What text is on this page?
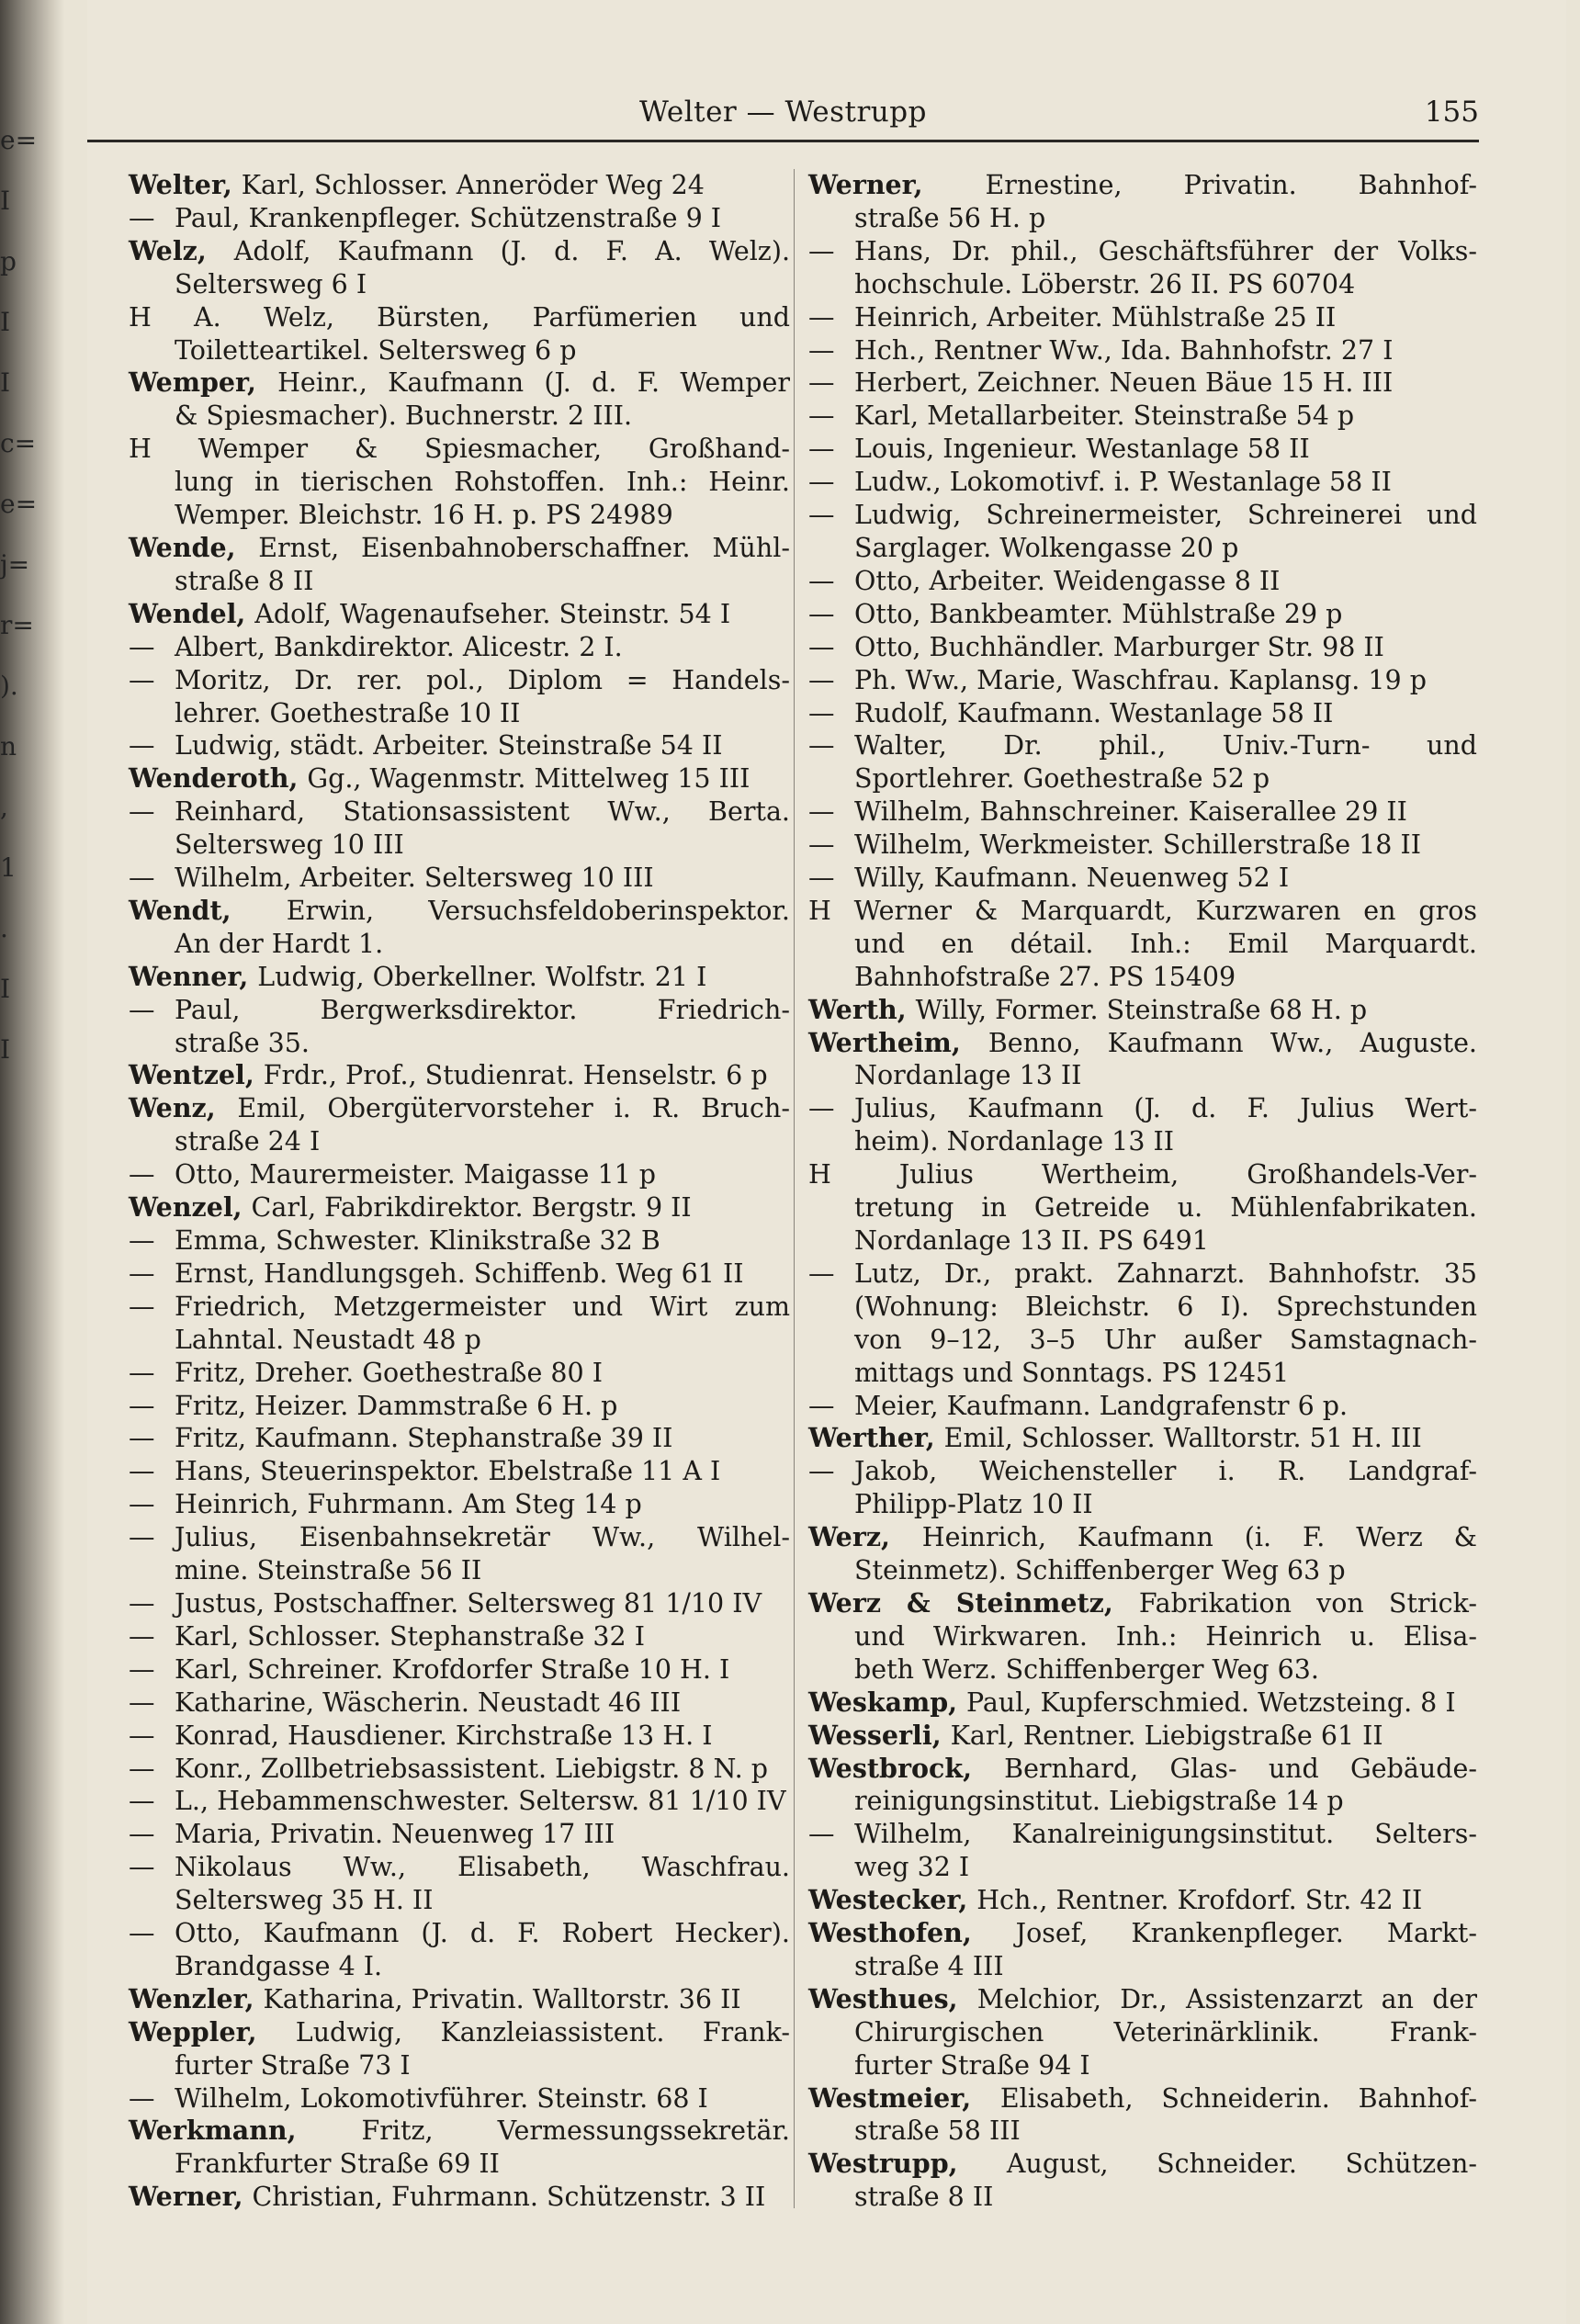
e=
I
p
I
I
c=
e=
j=
r=
).
n
,
1
.
I
I
Welter — Westrupp	155
Welter, Karl, Schlosser. Anneröder Weg 24
— Paul, Krankenpfleger. Schützenstraße 9 I
Welz, Adolf, Kaufmann (J. d. F. A. Welz).
Seltersweg 6 I
H A. Welz, Bürsten, Parfümerien und
Toiletteartikel. Seltersweg 6 p
Wemper, Heinr., Kaufmann (J. d. F. Wemper
& Spiesmacher). Buchnerstr. 2 III.
H Wemper & Spiesmacher, Großhand-
lung in tierischen Rohstoffen. Inh.: Heinr.
Wemper. Bleichstr. 16 H. p. PS 24989
Wende, Ernst, Eisenbahnoberschaffner. Mühl-
straße 8 II
Wendel, Adolf, Wagenaufseher. Steinstr. 54 I
— Albert, Bankdirektor. Alicestr. 2 I.
— Moritz, Dr. rer. pol., Diplom = Handels-
lehrer. Goethestraße 10 II
— Ludwig, städt. Arbeiter. Steinstraße 54 II
Wenderoth, Gg., Wagenmstr. Mittelweg 15 III
— Reinhard, Stationsassistent Ww., Berta.
Seltersweg 10 III
— Wilhelm, Arbeiter. Seltersweg 10 III
Wendt, Erwin, Versuchsfeldoberinspektor.
An der Hardt 1.
Wenner, Ludwig, Oberkellner. Wolfstr. 21 I
— Paul, Bergwerksdirektor. Friedrich-
straße 35.
Wentzel, Frdr., Prof., Studienrat. Henselstr. 6 p
Wenz, Emil, Obergütervorsteher i. R. Bruch-
straße 24 I
— Otto, Maurermeister. Maigasse 11 p
Wenzel, Carl, Fabrikdirektor. Bergstr. 9 II
— Emma, Schwester. Klinikstraße 32 B
— Ernst, Handlungsgeh. Schiffenb. Weg 61 II
— Friedrich, Metzgermeister und Wirt zum
Lahntal. Neustadt 48 p
— Fritz, Dreher. Goethestraße 80 I
— Fritz, Heizer. Dammstraße 6 H. p
— Fritz, Kaufmann. Stephanstraße 39 II
— Hans, Steuerinspektor. Ebelstraße 11 A I
— Heinrich, Fuhrmann. Am Steg 14 p
— Julius, Eisenbahnsekretär Ww., Wilhel-
mine. Steinstraße 56 II
— Justus, Postschaffner. Seltersweg 81 1/10 IV
— Karl, Schlosser. Stephanstraße 32 I
— Karl, Schreiner. Krofdorfer Straße 10 H. I
— Katharine, Wäscherin. Neustadt 46 III
— Konrad, Hausdiener. Kirchstraße 13 H. I
— Konr., Zollbetriebsassistent. Liebigstr. 8 N. p
— L., Hebammenschwester. Seltersw. 81 1/10 IV
— Maria, Privatin. Neuenweg 17 III
— Nikolaus Ww., Elisabeth, Waschfrau.
Seltersweg 35 H. II
— Otto, Kaufmann (J. d. F. Robert Hecker).
Brandgasse 4 I.
Wenzler, Katharina, Privatin. Walltorstr. 36 II
Weppler, Ludwig, Kanzleiassistent. Frank-
furter Straße 73 I
— Wilhelm, Lokomotivführer. Steinstr. 68 I
Werkmann, Fritz, Vermessungssekretär.
Frankfurter Straße 69 II
Werner, Christian, Fuhrmann. Schützenstr. 3 II
Werner, Ernestine, Privatin. Bahnhof-
straße 56 H. p
— Hans, Dr. phil., Geschäftsführer der Volks-
hochschule. Löberstr. 26 II. PS 60704
— Heinrich, Arbeiter. Mühlstraße 25 II
— Hch., Rentner Ww., Ida. Bahnhofstr. 27 I
— Herbert, Zeichner. Neuen Bäue 15 H. III
— Karl, Metallarbeiter. Steinstraße 54 p
— Louis, Ingenieur. Westanlage 58 II
— Ludw., Lokomotivf. i. P. Westanlage 58 II
— Ludwig, Schreinermeister, Schreinerei und
Sarglager. Wolkengasse 20 p
— Otto, Arbeiter. Weidengasse 8 II
— Otto, Bankbeamter. Mühlstraße 29 p
— Otto, Buchhändler. Marburger Str. 98 II
— Ph. Ww., Marie, Waschfrau. Kaplansg. 19 p
— Rudolf, Kaufmann. Westanlage 58 II
— Walter, Dr. phil., Univ.-Turn- und
Sportlehrer. Goethestraße 52 p
— Wilhelm, Bahnschreiner. Kaiserallee 29 II
— Wilhelm, Werkmeister. Schillerstraße 18 II
— Willy, Kaufmann. Neuenweg 52 I
H Werner & Marquardt, Kurzwaren en gros
und en détail. Inh.: Emil Marquardt.
Bahnhofstraße 27. PS 15409
Werth, Willy, Former. Steinstraße 68 H. p
Wertheim, Benno, Kaufmann Ww., Auguste.
Nordanlage 13 II
— Julius, Kaufmann (J. d. F. Julius Wert-
heim). Nordanlage 13 II
H Julius Wertheim, Großhandels-Ver-
tretung in Getreide u. Mühlenfabrikaten.
Nordanlage 13 II. PS 6491
— Lutz, Dr., prakt. Zahnarzt. Bahnhofstr. 35
(Wohnung: Bleichstr. 6 I). Sprechstunden
von 9–12, 3–5 Uhr außer Samstagnach-
mittags und Sonntags. PS 12451
— Meier, Kaufmann. Landgrafenstr 6 p.
Werther, Emil, Schlosser. Walltorstr. 51 H. III
— Jakob, Weichensteller i. R. Landgraf-
Philipp-Platz 10 II
Werz, Heinrich, Kaufmann (i. F. Werz &
Steinmetz). Schiffenberger Weg 63 p
Werz & Steinmetz, Fabrikation von Strick-
und Wirkwaren. Inh.: Heinrich u. Elisa-
beth Werz. Schiffenberger Weg 63.
Weskamp, Paul, Kupferschmied. Wetzsteing. 8 I
Wesserli, Karl, Rentner. Liebigstraße 61 II
Westbrock, Bernhard, Glas- und Gebäude-
reinigungsinstitut. Liebigstraße 14 p
— Wilhelm, Kanalreinigungsinstitut. Selters-
weg 32 I
Westecker, Hch., Rentner. Krofdorf. Str. 42 II
Westhofen, Josef, Krankenpfleger. Markt-
straße 4 III
Westhues, Melchior, Dr., Assistenzarzt an der
Chirurgischen Veterinärklinik. Frank-
furter Straße 94 I
Westmeier, Elisabeth, Schneiderin. Bahnhof-
straße 58 III
Westrupp, August, Schneider. Schützen-
straße 8 II
